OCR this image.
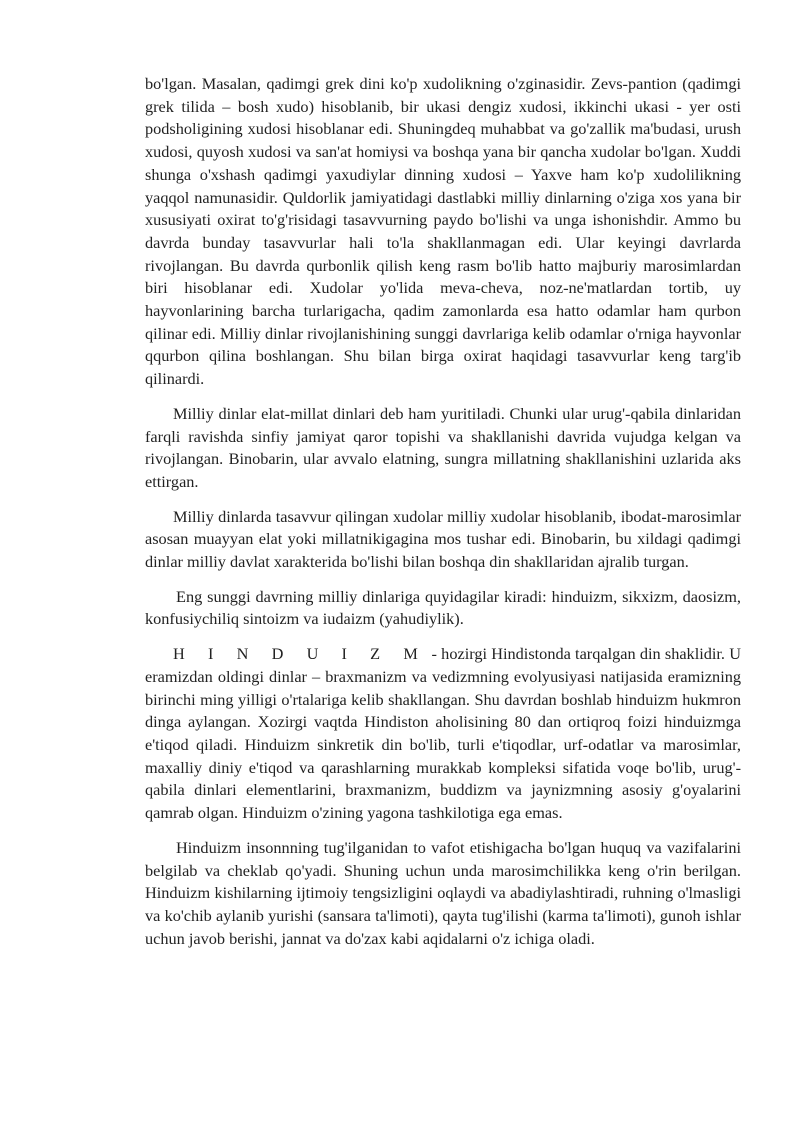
bo'lgan. Masalan, qadimgi grek dini ko'p xudolikning o'zginasidir. Zevs-pantion (qadimgi grek tilida – bosh xudo) hisoblanib, bir ukasi dengiz xudosi, ikkinchi ukasi - yer osti podsholigining xudosi hisoblanar edi. Shuningdeq muhabbat va go'zallik ma'budasi, urush xudosi, quyosh xudosi va san'at homiysi va boshqa yana bir qancha xudolar bo'lgan. Xuddi shunga o'xshash qadimgi yaxudiylar dinning xudosi – Yaxve ham ko'p xudolilikning yaqqol namunasidir. Quldorlik jamiyatidagi dastlabki milliy dinlarning o'ziga xos yana bir xususiyati oxirat to'g'risidagi tasavvurning paydo bo'lishi va unga ishonishdir. Ammo bu davrda bunday tasavvurlar hali to'la shakllanmagan edi. Ular keyingi davrlarda rivojlangan. Bu davrda qurbonlik qilish keng rasm bo'lib hatto majburiy marosimlardan biri hisoblanar edi. Xudolar yo'lida meva-cheva, noz-ne'matlardan tortib, uy hayvonlarining barcha turlarigacha, qadim zamonlarda esa hatto odamlar ham qurbon qilinar edi. Milliy dinlar rivojlanishining sunggi davrlariga kelib odamlar o'rniga hayvonlar qqurbon qilina boshlangan. Shu bilan birga oxirat haqidagi tasavvurlar keng targ'ib qilinardi.

Milliy dinlar elat-millat dinlari deb ham yuritiladi. Chunki ular urug'-qabila dinlaridan farqli ravishda sinfiy jamiyat qaror topishi va shakllanishi davrida vujudga kelgan va rivojlangan. Binobarin, ular avvalo elatning, sungra millatning shakllanishini uzlarida aks ettirgan.

Milliy dinlarda tasavvur qilingan xudolar milliy xudolar hisoblanib, ibodat-marosimlar asosan muayyan elat yoki millatnikigagina mos tushar edi. Binobarin, bu xildagi qadimgi dinlar milliy davlat xarakterida bo'lishi bilan boshqa din shakllaridan ajralib turgan.

Eng sunggi davrning milliy dinlariga quyidagilar kiradi: hinduizm, sikxizm, daosizm, konfusiychiliq sintoizm va iudaizm (yahudiylik).

H I N D U I Z M - hozirgi Hindistonda tarqalgan din shaklidir. U eramizdan oldingi dinlar – braxmanizm va vedizmning evolyusiyasi natijasida eramizning birinchi ming yilligi o'rtalariga kelib shakllangan. Shu davrdan boshlab hinduizm hukmron dinga aylangan. Xozirgi vaqtda Hindiston aholisining 80 dan ortiqroq foizi hinduizmga e'tiqod qiladi. Hinduizm sinkretik din bo'lib, turli e'tiqodlar, urf-odatlar va marosimlar, maxalliy diniy e'tiqod va qarashlarning murakkab kompleksi sifatida voqe bo'lib, urug'-qabila dinlari elementlarini, braxmanizm, buddizm va jaynizmning asosiy g'oyalarini qamrab olgan. Hinduizm o'zining yagona tashkilotiga ega emas.

Hinduizm insonnning tug'ilganidan to vafot etishigacha bo'lgan huquq va vazifalarini belgilab va cheklab qo'yadi. Shuning uchun unda marosimchilikka keng o'rin berilgan. Hinduizm kishilarning ijtimoiy tengsizligini oqlaydi va abadiylashtiradi, ruhning o'lmasligi va ko'chib aylanib yurishi (sansara ta'limoti), qayta tug'ilishi (karma ta'limoti), gunoh ishlar uchun javob berishi, jannat va do'zax kabi aqidalarni o'z ichiga oladi.
